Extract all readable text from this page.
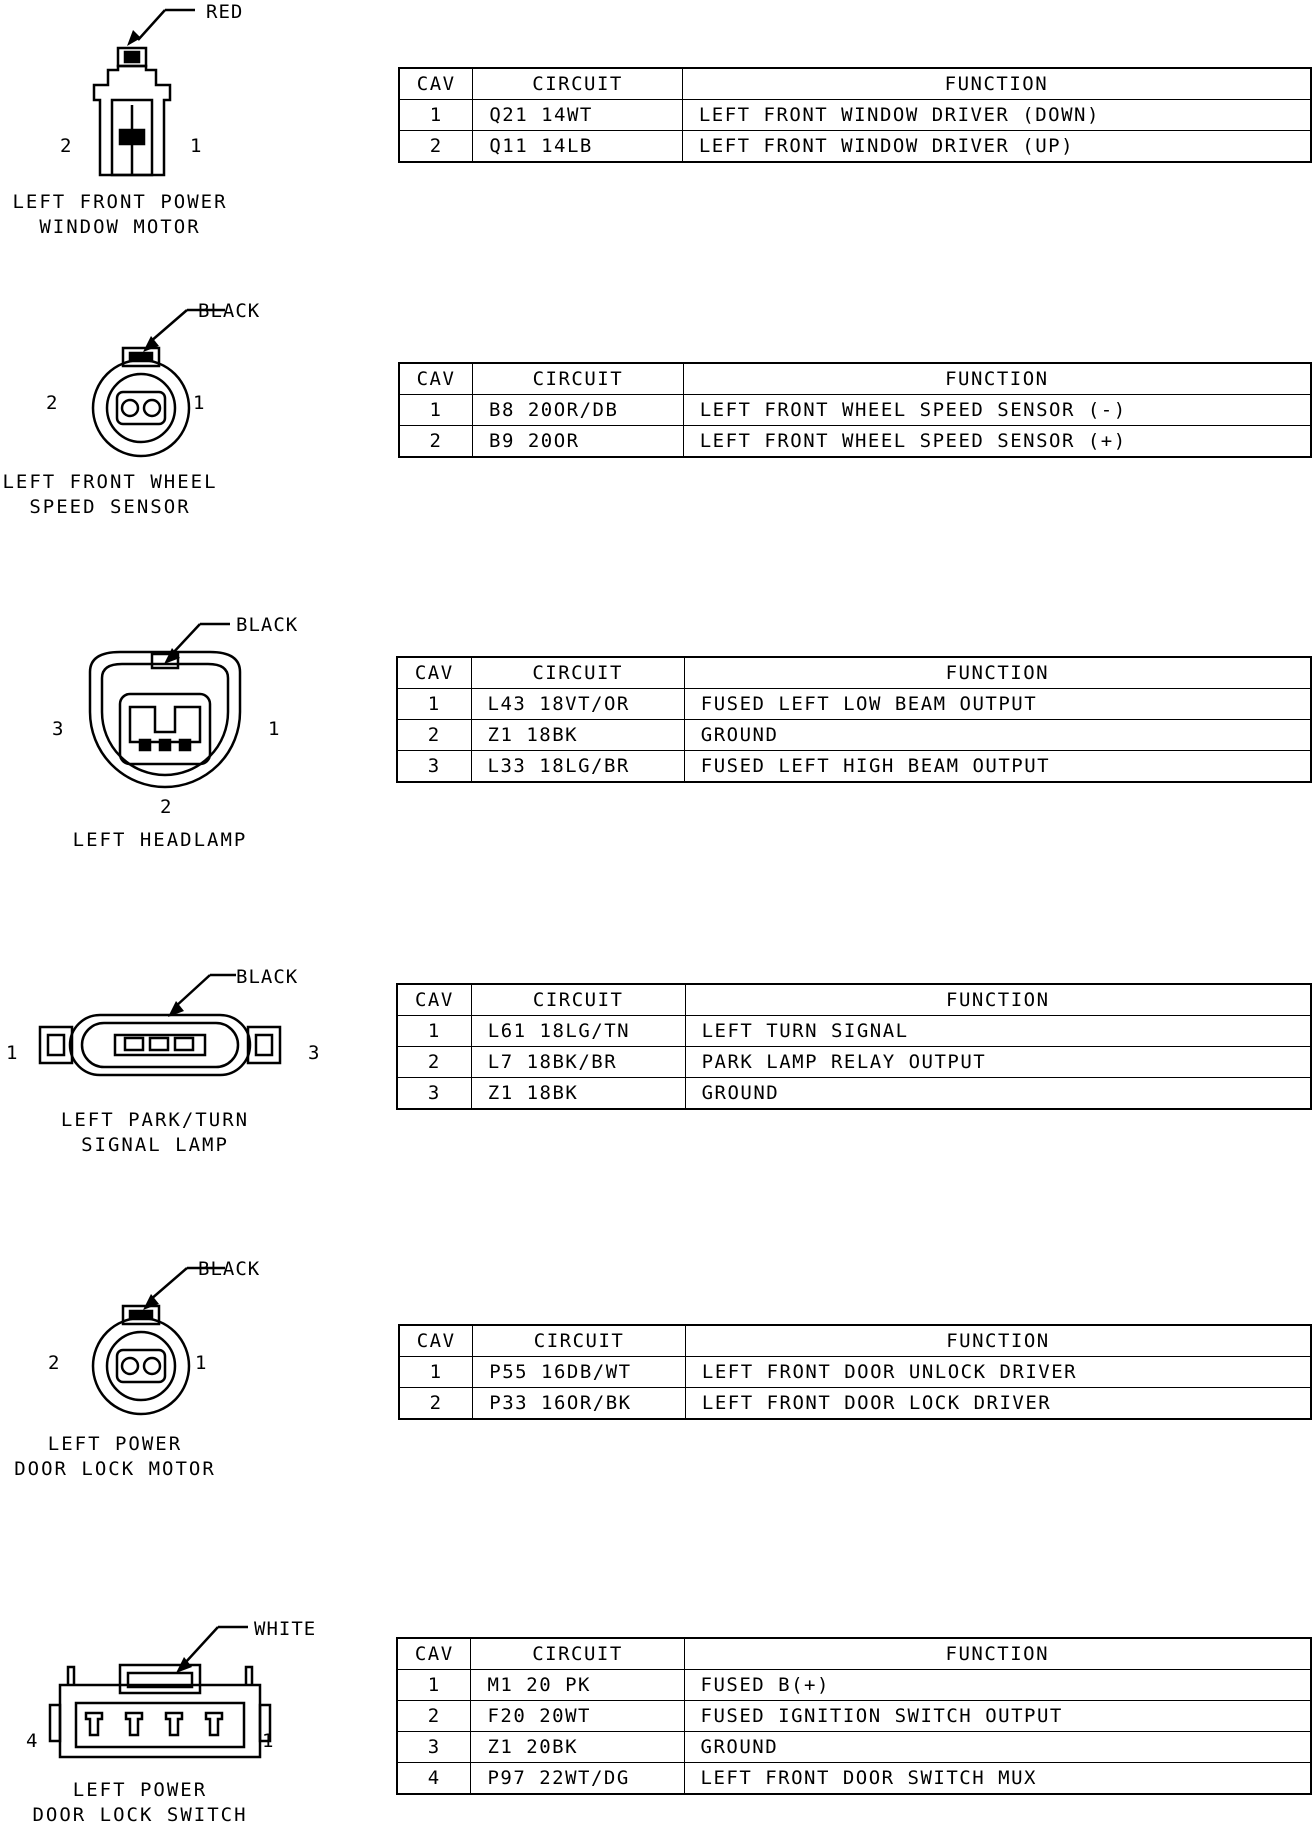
RED
2	1
LEFT FRONT POWER
WINDOW MOTOR
CAV	CIRCUIT	FUNCTION
1	Q21 14WT	LEFT FRONT WINDOW DRIVER (DOWN)
2	Q11 14LB	LEFT FRONT WINDOW DRIVER (UP)
BLACK
2	1
LEFT FRONT WHEEL
SPEED SENSOR
CAV	CIRCUIT	FUNCTION
1	B8 20OR/DB	LEFT FRONT WHEEL SPEED SENSOR (-)
2	B9 20OR	LEFT FRONT WHEEL SPEED SENSOR (+)
BLACK
3	1
2
LEFT HEADLAMP
CAV	CIRCUIT	FUNCTION
1	L43 18VT/OR	FUSED LEFT LOW BEAM OUTPUT
2	Z1 18BK	GROUND
3	L33 18LG/BR	FUSED LEFT HIGH BEAM OUTPUT
BLACK
1	3
LEFT PARK/TURN
SIGNAL LAMP
CAV	CIRCUIT	FUNCTION
1	L61 18LG/TN	LEFT TURN SIGNAL
2	L7 18BK/BR	PARK LAMP RELAY OUTPUT
3	Z1 18BK	GROUND
BLACK
2	1
LEFT POWER
DOOR LOCK MOTOR
CAV	CIRCUIT	FUNCTION
1	P55 16DB/WT	LEFT FRONT DOOR UNLOCK DRIVER
2	P33 16OR/BK	LEFT FRONT DOOR LOCK DRIVER
WHITE
4	1
LEFT POWER
DOOR LOCK SWITCH
CAV	CIRCUIT	FUNCTION
1	M1 20 PK	FUSED B(+)
2	F20 20WT	FUSED IGNITION SWITCH OUTPUT
3	Z1 20BK	GROUND
4	P97 22WT/DG	LEFT FRONT DOOR SWITCH MUX
